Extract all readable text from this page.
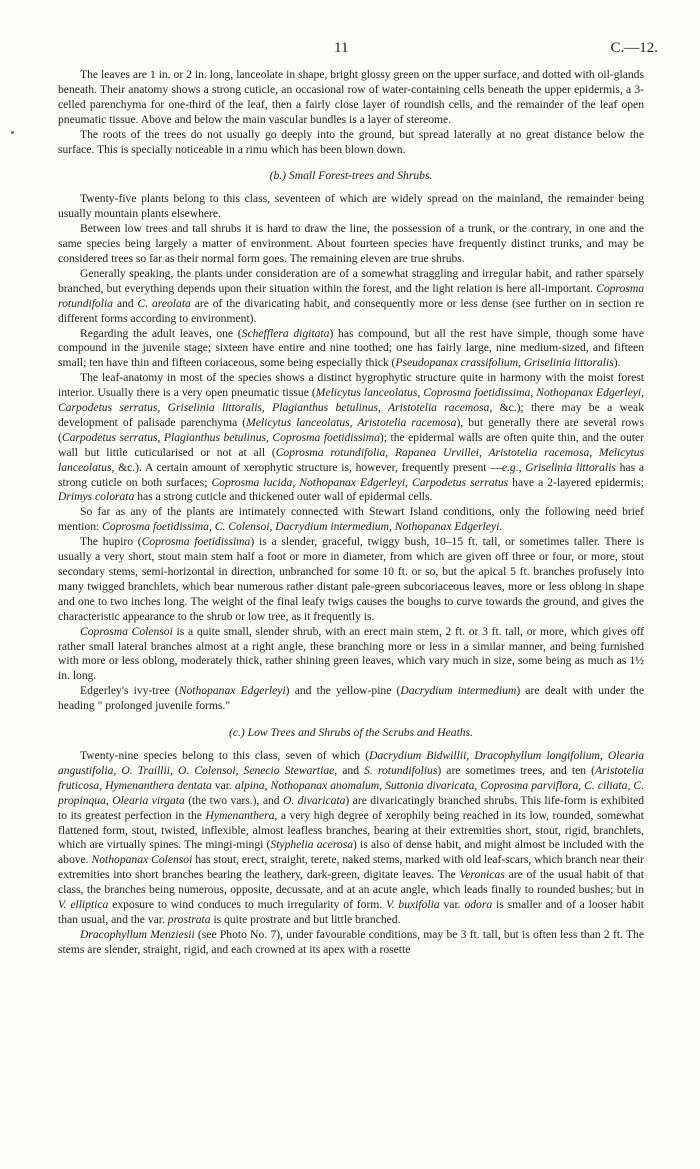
11	C.—12.

The leaves are 1 in. or 2 in. long, lanceolate in shape, bright glossy green on the upper surface, and dotted with oil-glands beneath. Their anatomy shows a strong cuticle, an occasional row of water-containing cells beneath the upper epidermis, a 3-celled parenchyma for one-third of the leaf, then a fairly close layer of roundish cells, and the remainder of the leaf open pneumatic tissue. Above and below the main vascular bundles is a layer of stereome.

The roots of the trees do not usually go deeply into the ground, but spread laterally at no great distance below the surface. This is specially noticeable in a rimu which has been blown down.

(b.) Small Forest-trees and Shrubs.

Twenty-five plants belong to this class, seventeen of which are widely spread on the mainland, the remainder being usually mountain plants elsewhere.

Between low trees and tall shrubs it is hard to draw the line, the possession of a trunk, or the contrary, in one and the same species being largely a matter of environment. About fourteen species have frequently distinct trunks, and may be considered trees so far as their normal form goes. The remaining eleven are true shrubs.

Generally speaking, the plants under consideration are of a somewhat straggling and irregular habit, and rather sparsely branched, but everything depends upon their situation within the forest, and the light relation is here all-important. Coprosma rotundifolia and C. areolata are of the divaricating habit, and consequently more or less dense (see further on in section re different forms according to environment).

Regarding the adult leaves, one (Schefflera digitata) has compound, but all the rest have simple, though some have compound in the juvenile stage; sixteen have entire and nine toothed; one has fairly large, nine medium-sized, and fifteen small; ten have thin and fifteen coriaceous, some being especially thick (Pseudopanax crassifolium, Griselinia littoralis).

The leaf-anatomy in most of the species shows a distinct hygrophytic structure quite in harmony with the moist forest interior. Usually there is a very open pneumatic tissue (Melicytus lanceolatus, Coprosma foetidissima, Nothopanax Edgerleyi, Carpodetus serratus, Griselinia littoralis, Plagianthus betulinus, Aristotelia racemosa, &c.); there may be a weak development of palisade parenchyma (Melicytus lanceolatus, Aristotelia racemosa), but generally there are several rows (Carpodetus serratus, Plagianthus betulinus, Coprosma foetidissima); the epidermal walls are often quite thin, and the outer wall but little cuticularised or not at all (Coprosma rotundifolia, Rapanea Urvillei, Aristotelia racemosa, Melicytus lanceolatus, &c.). A certain amount of xerophytic structure is, however, frequently present —e.g., Griselinia littoralis has a strong cuticle on both surfaces; Coprosma lucida, Nothopanax Edgerleyi, Carpodetus serratus have a 2-layered epidermis; Drimys colorata has a strong cuticle and thickened outer wall of epidermal cells.

So far as any of the plants are intimately connected with Stewart Island conditions, only the following need brief mention: Coprosma foetidissima, C. Colensoi, Dacrydium intermedium, Nothopanax Edgerleyi.

The hupiro (Coprosma foetidissima) is a slender, graceful, twiggy bush, 10–15 ft. tall, or sometimes taller. There is usually a very short, stout main stem half a foot or more in diameter, from which are given off three or four, or more, stout secondary stems, semi-horizontal in direction, unbranched for some 10 ft. or so, but the apical 5 ft. branches profusely into many twigged branchlets, which bear numerous rather distant pale-green subcoriaceous leaves, more or less oblong in shape and one to two inches long. The weight of the final leafy twigs causes the boughs to curve towards the ground, and gives the characteristic appearance to the shrub or low tree, as it frequently is.

Coprosma Colensoi is a quite small, slender shrub, with an erect main stem, 2 ft. or 3 ft. tall, or more, which gives off rather small lateral branches almost at a right angle, these branching more or less in a similar manner, and being furnished with more or less oblong, moderately thick, rather shining green leaves, which vary much in size, some being as much as 1½ in. long.

Edgerley's ivy-tree (Nothopanax Edgerleyi) and the yellow-pine (Dacrydium intermedium) are dealt with under the heading " prolonged juvenile forms."

(c.) Low Trees and Shrubs of the Scrubs and Heaths.

Twenty-nine species belong to this class, seven of which (Dacrydium Bidwillii, Dracophyllum longifolium, Olearia angustifolia, O. Traillii, O. Colensoi, Senecio Stewartiae, and S. rotundifolius) are sometimes trees, and ten (Aristotelia fruticosa, Hymenanthera dentata var. alpina, Nothopanax anomalum, Suttonia divaricata, Coprosma parviflora, C. ciliata, C. propinqua, Olearia virgata (the two vars.), and O. divaricata) are divaricatingly branched shrubs. This life-form is exhibited to its greatest perfection in the Hymenanthera, a very high degree of xerophily being reached in its low, rounded, somewhat flattened form, stout, twisted, inflexible, almost leafless branches, bearing at their extremities short, stout, rigid, branchlets, which are virtually spines. The mingi-mingi (Styphelia acerosa) is also of dense habit, and might almost be included with the above. Nothopanax Colensoi has stout, erect, straight, terete, naked stems, marked with old leaf-scars, which branch near their extremities into short branches bearing the leathery, dark-green, digitate leaves. The Veronicas are of the usual habit of that class, the branches being numerous, opposite, decussate, and at an acute angle, which leads finally to rounded bushes; but in V. elliptica exposure to wind conduces to much irregularity of form. V. buxifolia var. odora is smaller and of a looser habit than usual, and the var. prostrata is quite prostrate and but little branched.

Dracophyllum Menziesii (see Photo No. 7), under favourable conditions, may be 3 ft. tall, but is often less than 2 ft. The stems are slender, straight, rigid, and each crowned at its apex with a rosette
